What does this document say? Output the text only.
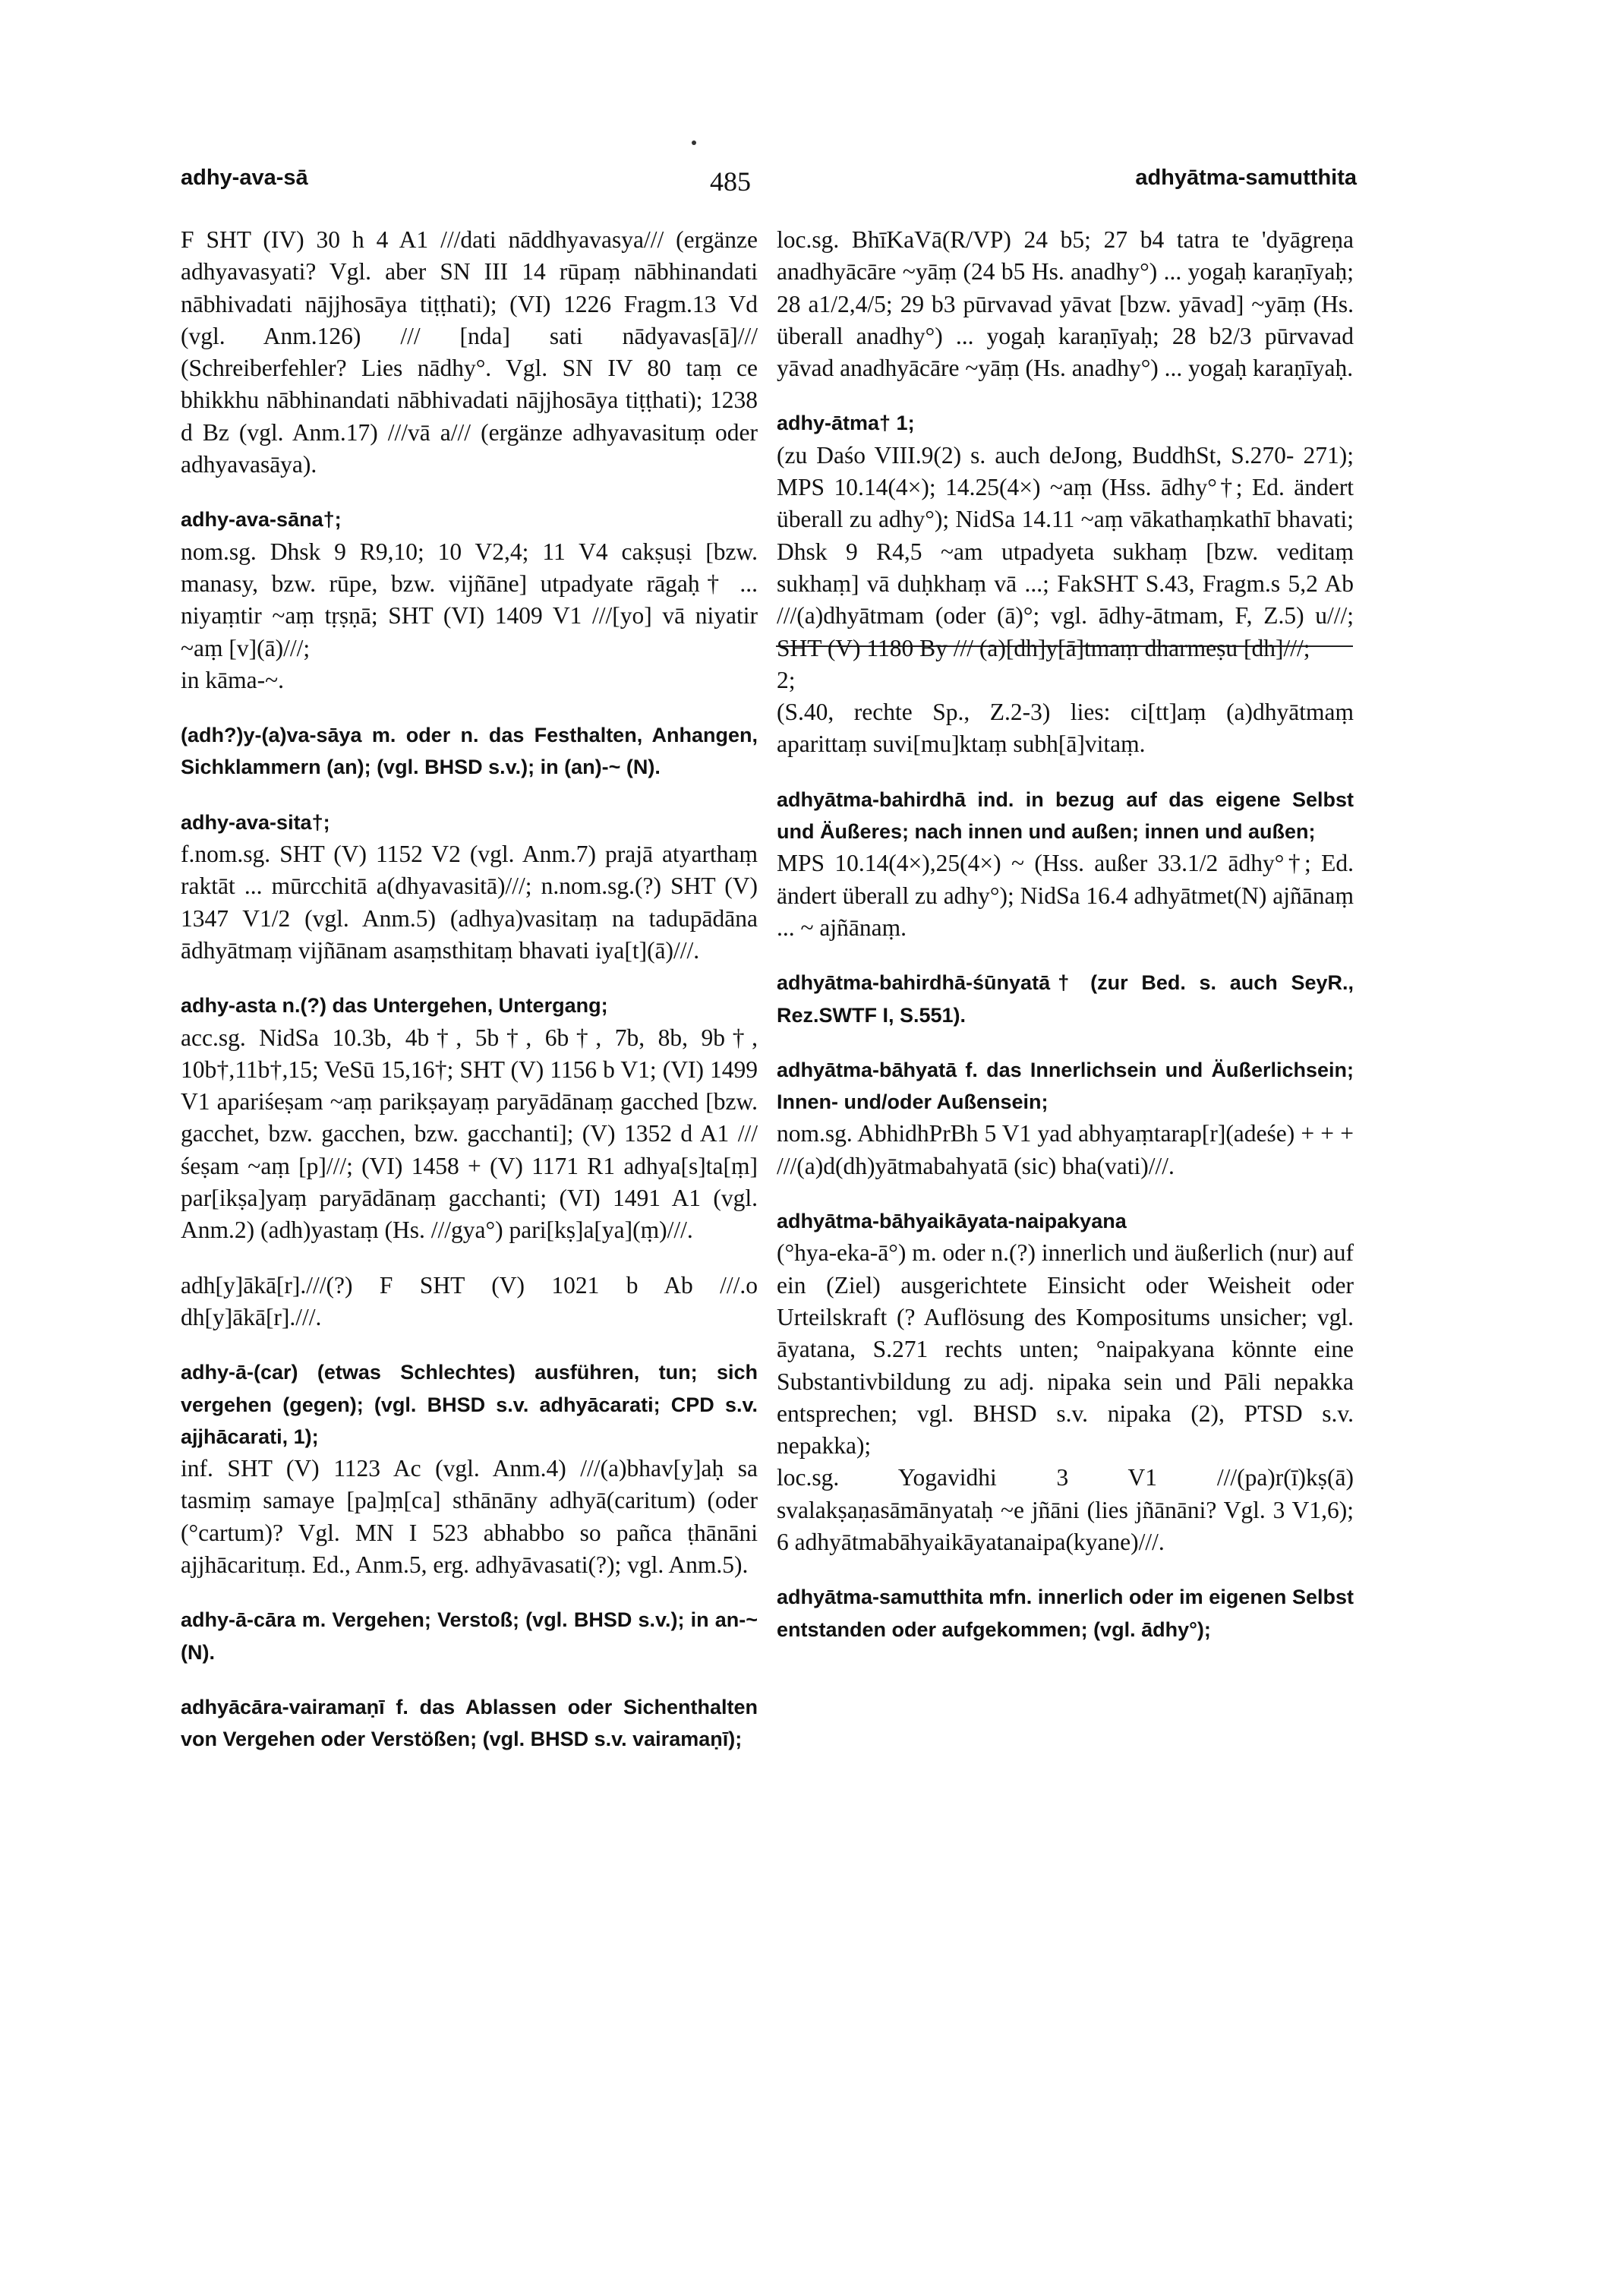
adhy-ava-sā	485	adhyātma-samutthita

F SHT (IV) 30 h 4 A1 ///dati nāddhyavasya/// (ergänze adhyavasyati? Vgl. aber SN III 14 rūpaṃ nābhinandati nābhivadati nājjhosāya tiṭṭhati); (VI) 1226 Fragm.13 Vd (vgl. Anm.126) /// [nda] sati nādyavas[ā]/// (Schreiberfehler? Lies nādhy°. Vgl. SN IV 80 taṃ ce bhikkhu nābhinandati nābhivadati nājjhosāya tiṭṭhati); 1238 d Bz (vgl. Anm.17) ///vā a/// (ergänze adhyavasituṃ oder adhyavasāya).

adhy-ava-sāna†;

nom.sg. Dhsk 9 R9,10; 10 V2,4; 11 V4 cakṣuṣi [bzw. manasy, bzw. rūpe, bzw. vijñāne] utpadyate rāgaḥ† ... niyaṃtir ~aṃ tṛṣṇā; SHT (VI) 1409 V1 ///[yo] vā niyatir ~aṃ [v](ā)///;

in kāma-~.

(adh?)y-(a)va-sāya m. oder n. das Festhalten, Anhangen, Sichklammern (an); (vgl. BHSD s.v.); in (an)-~ (N).

adhy-ava-sita†;

f.nom.sg. SHT (V) 1152 V2 (vgl. Anm.7) prajā atyarthaṃ raktāt ... mūrcchitā a(dhyavasitā)///; n.nom.sg.(?) SHT (V) 1347 V1/2 (vgl. Anm.5) (adhya)vasitaṃ na tadupādāna ādhyātmaṃ vijñānam asaṃsthitaṃ bhavati iya[t](ā)///.

adhy-asta n.(?) das Untergehen, Untergang;

acc.sg. NidSa 10.3b, 4b†, 5b†, 6b†, 7b, 8b, 9b†, 10b†,11b†,15; VeSū 15,16†; SHT (V) 1156 b V1; (VI) 1499 V1 apariśeṣam ~aṃ parikṣayaṃ paryādānaṃ gacched [bzw. gacchet, bzw. gacchen, bzw. gacchanti]; (V) 1352 d A1 ///śeṣam ~aṃ [p]///; (VI) 1458 + (V) 1171 R1 adhya[s]ta[ṃ] par[ikṣa]yaṃ paryādānaṃ gacchanti; (VI) 1491 A1 (vgl. Anm.2) (adh)yastaṃ (Hs. ///gya°) pari[kṣ]a[ya](ṃ)///.

adh[y]ākā[r].///(?) F SHT (V) 1021 b Ab ///.o dh[y]ākā[r].///.

adhy-ā-(car) (etwas Schlechtes) ausführen, tun; sich vergehen (gegen); (vgl. BHSD s.v. adhyācarati; CPD s.v. ajjhācarati, 1);

inf. SHT (V) 1123 Ac (vgl. Anm.4) ///(a)bhav[y]aḥ sa tasmiṃ samaye [pa]ṃ[ca] sthānāny adhyā(caritum) (oder (°cartum)? Vgl. MN I 523 abhabbo so pañca ṭhānāni ajjhācarituṃ. Ed., Anm.5, erg. adhyāvasati(?); vgl. Anm.5).

adhy-ā-cāra m. Vergehen; Verstoß; (vgl. BHSD s.v.); in an-~ (N).

adhyācāra-vairamaṇī f. das Ablassen oder Sichenthalten von Vergehen oder Verstößen; (vgl. BHSD s.v. vairamaṇī);

loc.sg. BhīKaVā(R/VP) 24 b5; 27 b4 tatra te 'dyāgreṇa anadhyācāre ~yāṃ (24 b5 Hs. anadhy°) ... yogaḥ karaṇīyaḥ; 28 a1/2,4/5; 29 b3 pūrvavad yāvat [bzw. yāvad] ~yāṃ (Hs. überall anadhy°) ... yogaḥ karaṇīyaḥ; 28 b2/3 pūrvavad yāvad anadhyācāre ~yāṃ (Hs. anadhy°) ... yogaḥ karaṇīyaḥ.

adhy-ātma† 1;

(zu Daśo VIII.9(2) s. auch deJong, BuddhSt, S.270- 271); MPS 10.14(4×); 14.25(4×) ~aṃ (Hss. ādhy°†; Ed. ändert überall zu adhy°); NidSa 14.11 ~aṃ vākathaṃkathī bhavati; Dhsk 9 R4,5 ~am utpadyeta sukhaṃ [bzw. veditaṃ sukhaṃ] vā duḥkhaṃ vā ...; FakSHT S.43, Fragm.s 5,2 Ab ///(a)dhyātmam (oder (ā)°; vgl. ādhy-ātmam, F, Z.5) u///; SHT (V) 1180 By /// (a)[dh]y[ā]tmaṃ dharmeṣu [dh]///;

2;

(S.40, rechte Sp., Z.2-3) lies: ci[tt]aṃ (a)dhyātmaṃ aparittaṃ suvi[mu]ktaṃ subh[ā]vitaṃ.

adhyātma-bahirdhā ind. in bezug auf das eigene Selbst und Äußeres; nach innen und außen; innen und außen;

MPS 10.14(4×),25(4×) ~ (Hss. außer 33.1/2 ādhy°†; Ed. ändert überall zu adhy°); NidSa 16.4 adhyātmet(N) ajñānaṃ ... ~ ajñānaṃ.

adhyātma-bahirdhā-śūnyatā† (zur Bed. s. auch SeyR., Rez.SWTF I, S.551).

adhyātma-bāhyatā f. das Innerlichsein und Äußerlichsein; Innen- und/oder Außensein;

nom.sg. AbhidhPrBh 5 V1 yad abhyaṃtarap[r](adeśe) + + + ///(a)d(dh)yātmabahyatā (sic) bha(vati)///.

adhyātma-bāhyaikāyata-naipakyana

(°hya-eka-ā°) m. oder n.(?) innerlich und äußerlich (nur) auf ein (Ziel) ausgerichtete Einsicht oder Weisheit oder Urteilskraft (? Auflösung des Kompositums unsicher; vgl. āyatana, S.271 rechts unten; °naipakyana könnte eine Substantivbildung zu adj. nipaka sein und Pāli nepakka entsprechen; vgl. BHSD s.v. nipaka (2), PTSD s.v. nepakka);

loc.sg. Yogavidhi 3 V1 ///(pa)r(ī)kṣ(ā) svalakṣaṇasāmānyataḥ ~e jñāni (lies jñānāni? Vgl. 3 V1,6); 6 adhyātmabāhyaikāyatanaipa(kyane)///.

adhyātma-samutthita mfn. innerlich oder im eigenen Selbst entstanden oder aufgekommen; (vgl. ādhy°);
